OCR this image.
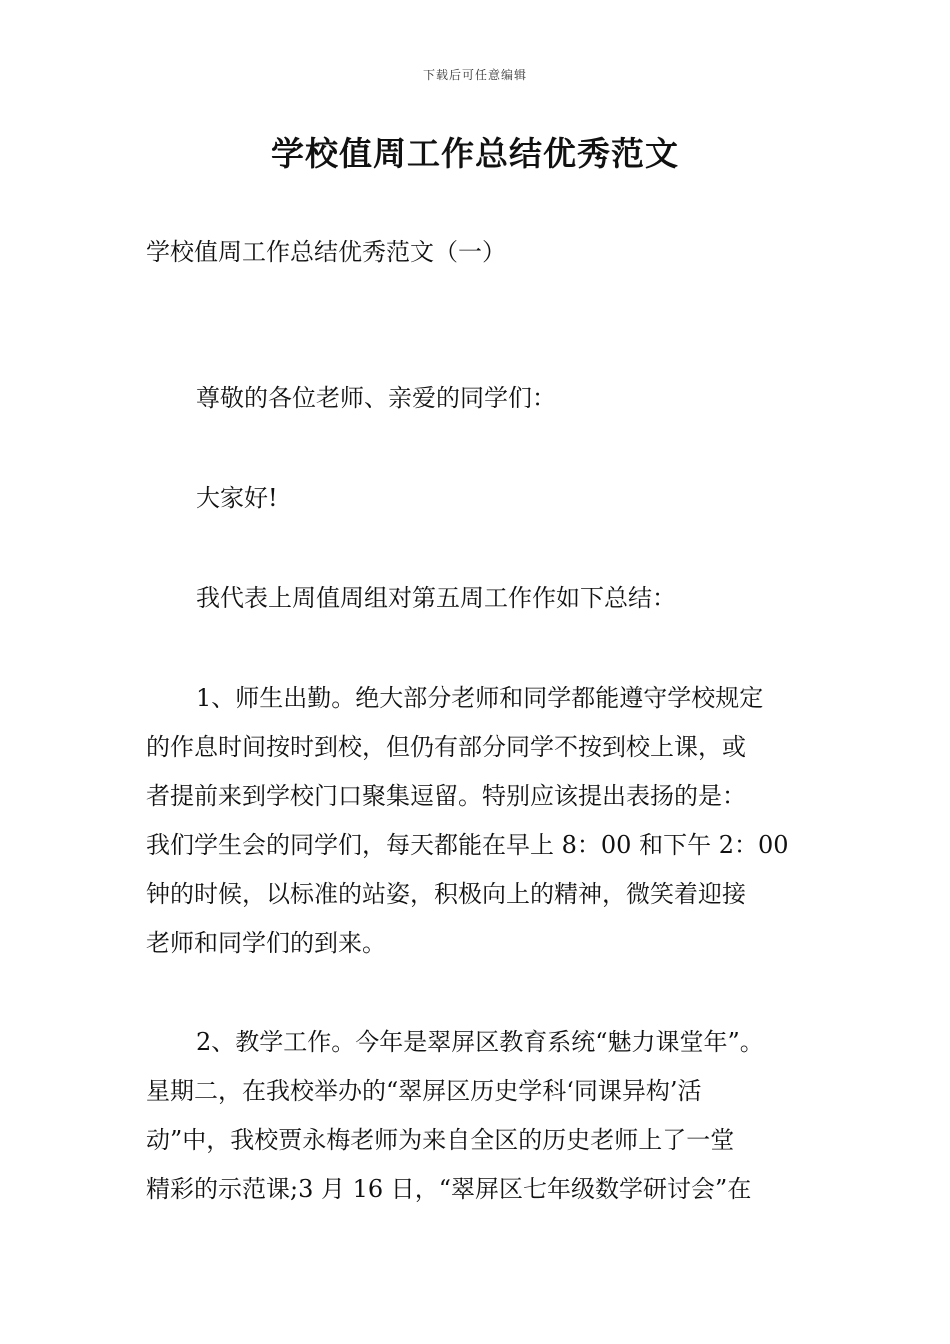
下载后可任意编辑
学校值周工作总结优秀范文
学校值周工作总结优秀范文（一）
尊敬的各位老师、亲爱的同学们：
大家好!
我代表上周值周组对第五周工作作如下总结：
1、师生出勤。绝大部分老师和同学都能遵守学校规定
的作息时间按时到校，但仍有部分同学不按到校上课，或
者提前来到学校门口聚集逗留。特别应该提出表扬的是：
我们学生会的同学们，每天都能在早上 8：00 和下午 2：00
钟的时候，以标准的站姿，积极向上的精神，微笑着迎接
老师和同学们的到来。
2、教学工作。今年是翠屏区教育系统“魅力课堂年”。
星期二，在我校举办的“翠屏区历史学科‘同课异构’活
动”中，我校贾永梅老师为来自全区的历史老师上了一堂
精彩的示范课;3 月 16 日，“翠屏区七年级数学研讨会”在
